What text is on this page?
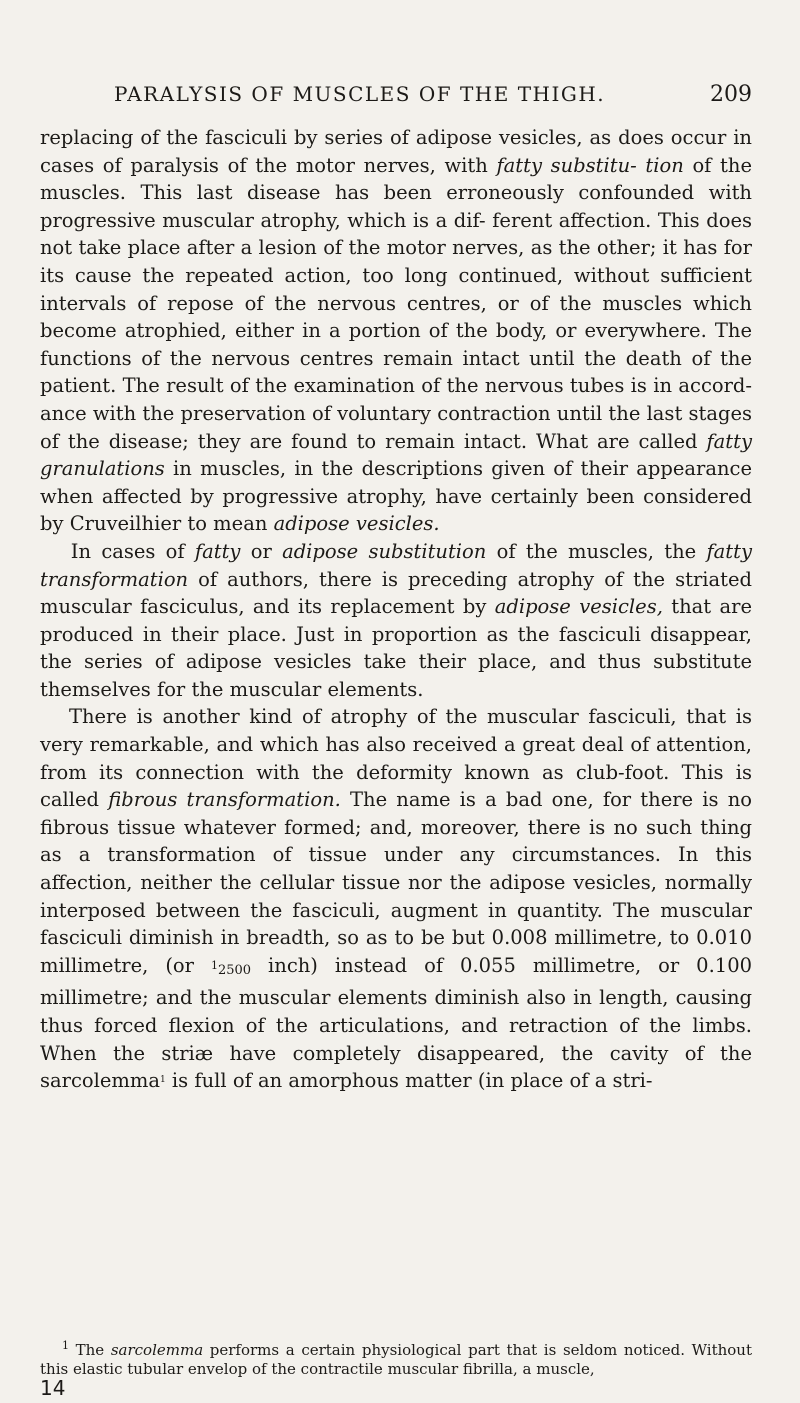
PARALYSIS OF MUSCLES OF THE THIGH.	209

replacing of the fasciculi by series of adipose vesicles, as does occur in cases of paralysis of the motor nerves, with fatty substitu- tion of the muscles. This last disease has been erroneously confounded with progressive muscular atrophy, which is a dif- ferent affection. This does not take place after a lesion of the motor nerves, as the other; it has for its cause the repeated action, too long continued, without sufficient intervals of repose of the nervous centres, or of the muscles which become atrophied, either in a portion of the body, or everywhere. The functions of the nervous centres remain intact until the death of the patient. The result of the examination of the nervous tubes is in accord- ance with the preservation of voluntary contraction until the last stages of the disease; they are found to remain intact. What are called fatty granulations in muscles, in the descriptions given of their appearance when affected by progressive atrophy, have certainly been considered by Cruveilhier to mean adipose vesicles.

In cases of fatty or adipose substitution of the muscles, the fatty transformation of authors, there is preceding atrophy of the striated muscular fasciculus, and its replacement by adipose vesicles, that are produced in their place. Just in proportion as the fasciculi disappear, the series of adipose vesicles take their place, and thus substitute themselves for the muscular elements.

There is another kind of atrophy of the muscular fasciculi, that is very remarkable, and which has also received a great deal of attention, from its connection with the deformity known as club-foot. This is called fibrous transformation. The name is a bad one, for there is no fibrous tissue whatever formed; and, moreover, there is no such thing as a transformation of tissue under any circumstances. In this affection, neither the cellular tissue nor the adipose vesicles, normally interposed between the fasciculi, augment in quantity. The muscular fasciculi diminish in breadth, so as to be but 0.008 millimetre, to 0.010 millimetre, (or $^1$2500 inch) instead of 0.055 millimetre, or 0.100 millimetre; and the muscular elements diminish also in length, causing thus forced flexion of the articulations, and retraction of the limbs. When the striæ have completely disappeared, the cavity of the sarcolemma$^1$ is full of an amorphous matter (in place of a stri-

$^1$ The sarcolemma performs a certain physiological part that is seldom noticed. Without this elastic tubular envelop of the contractile muscular fibrilla, a muscle,

14
